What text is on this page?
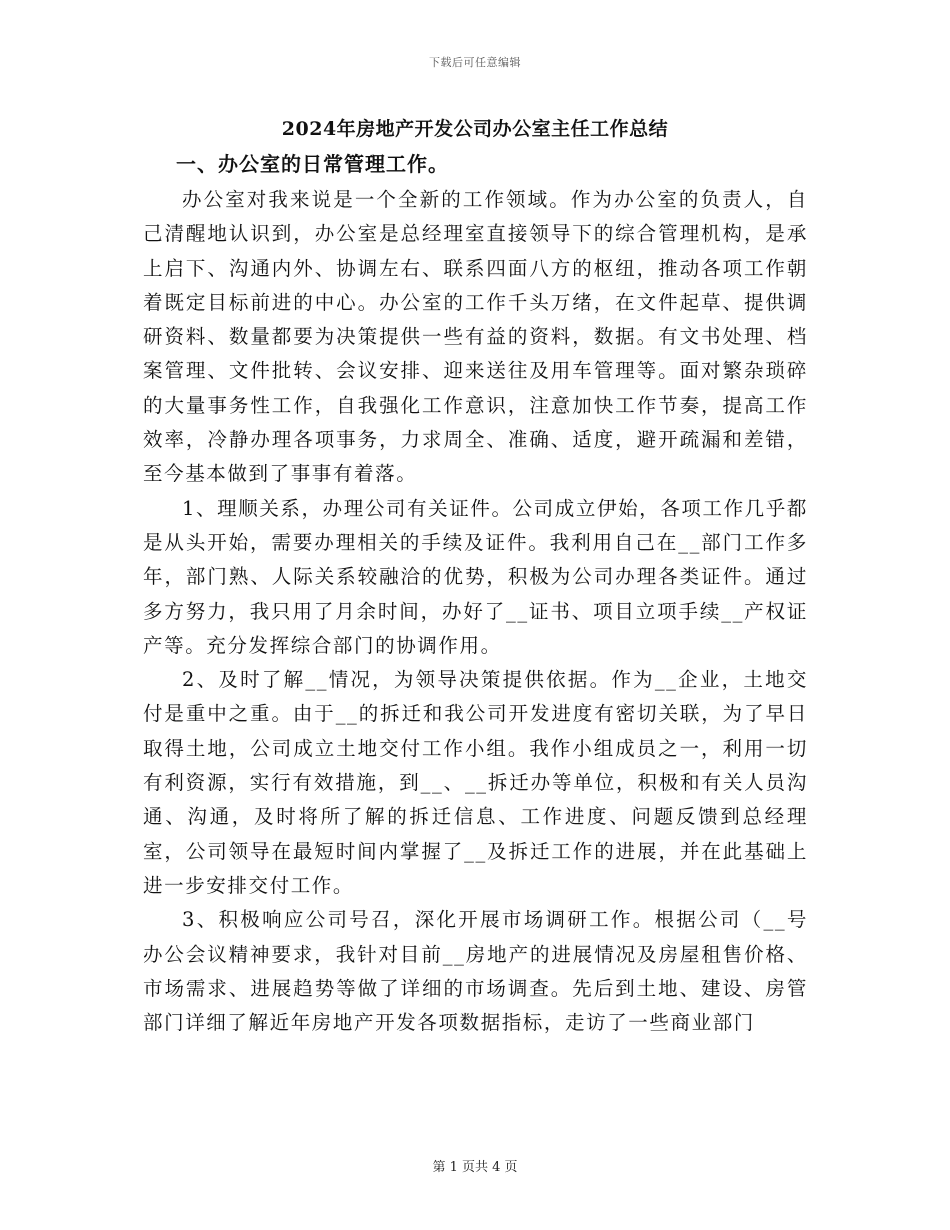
下载后可任意编辑
2024年房地产开发公司办公室主任工作总结
一、办公室的日常管理工作。

办公室对我来说是一个全新的工作领域。作为办公室的负责人，自己清醒地认识到，办公室是总经理室直接领导下的综合管理机构，是承上启下、沟通内外、协调左右、联系四面八方的枢纽，推动各项工作朝着既定目标前进的中心。办公室的工作千头万绪，在文件起草、提供调研资料、数量都要为决策提供一些有益的资料，数据。有文书处理、档案管理、文件批转、会议安排、迎来送往及用车管理等。面对繁杂琐碎的大量事务性工作，自我强化工作意识，注意加快工作节奏，提高工作效率，冷静办理各项事务，力求周全、准确、适度，避开疏漏和差错，至今基本做到了事事有着落。

1、理顺关系，办理公司有关证件。公司成立伊始，各项工作几乎都是从头开始，需要办理相关的手续及证件。我利用自己在__部门工作多年，部门熟、人际关系较融洽的优势，积极为公司办理各类证件。通过多方努力，我只用了月余时间，办好了__证书、项目立项手续__产权证产等。充分发挥综合部门的协调作用。

2、及时了解__情况，为领导决策提供依据。作为__企业，土地交付是重中之重。由于__的拆迁和我公司开发进度有密切关联，为了早日取得土地，公司成立土地交付工作小组。我作小组成员之一，利用一切有利资源，实行有效措施，到__、__拆迁办等单位，积极和有关人员沟通、沟通，及时将所了解的拆迁信息、工作进度、问题反馈到总经理室，公司领导在最短时间内掌握了__及拆迁工作的进展，并在此基础上进一步安排交付工作。

3、积极响应公司号召，深化开展市场调研工作。根据公司（__号办公会议精神要求，我针对目前__房地产的进展情况及房屋租售价格、市场需求、进展趋势等做了详细的市场调查。先后到土地、建设、房管部门详细了解近年房地产开发各项数据指标，走访了一些商业部门

第 1 页共 4 页
